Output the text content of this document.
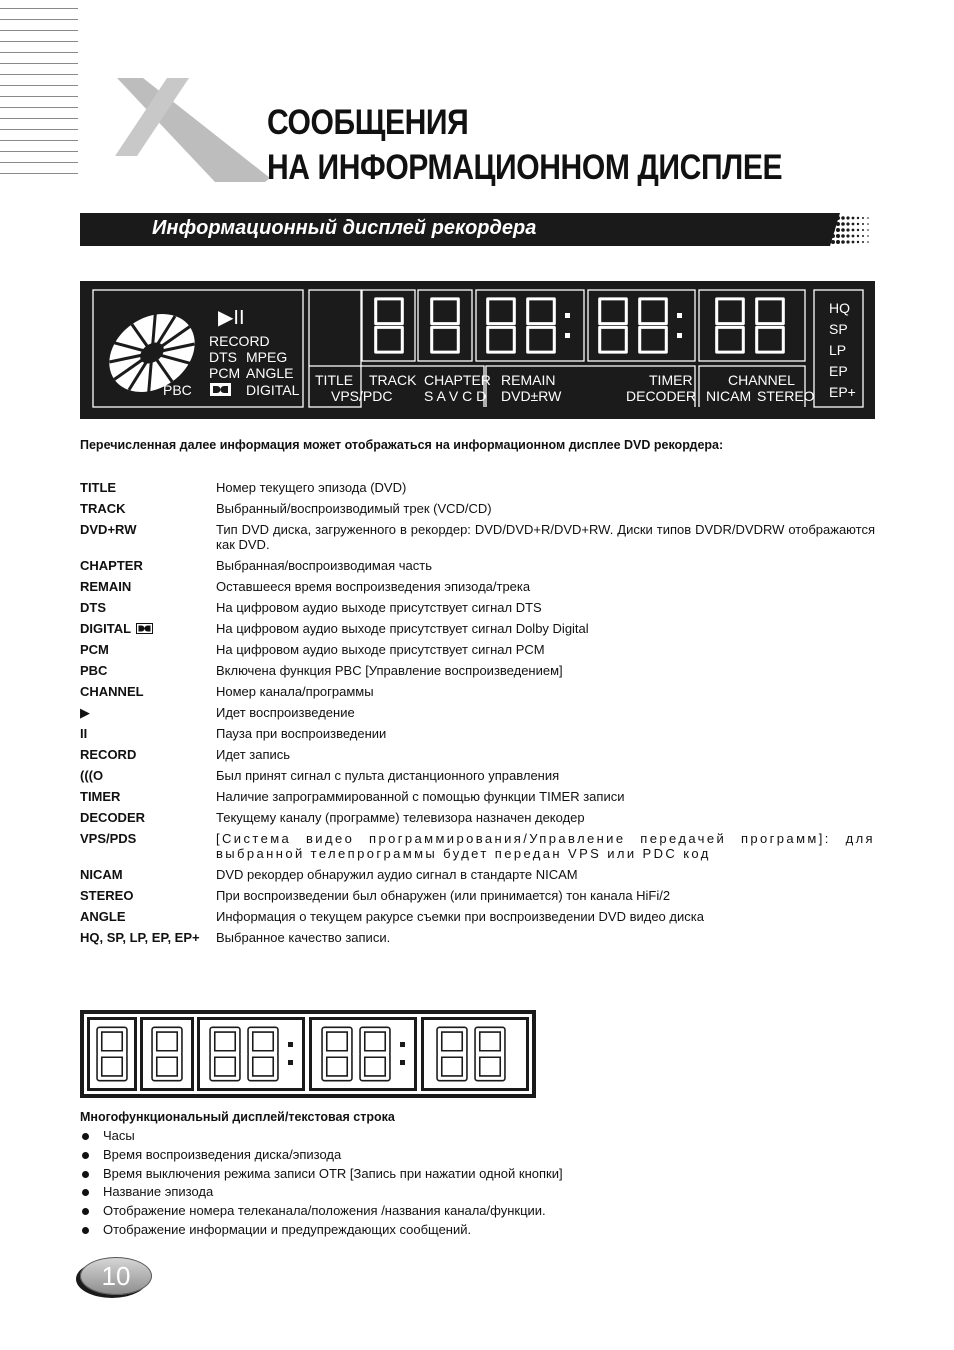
СООБЩЕНИЯ
НА ИНФОРМАЦИОННОМ ДИСПЛЕЕ
Информационный дисплей рекордера
▶II
RECORD
DTS MPEG
PCM ANGLE
PBC	DIGITAL
TITLE TRACK CHAPTER
VPS/PDC S A V C D
REMAIN	TIMER
DVD±RW	DECODER
CHANNEL
NICAM STEREO
HQ
SP
LP
EP
EP+

Перечисленная далее информация может отображаться на информационном дисплее DVD рекордера:

TITLE	Номер текущего эпизода (DVD)
TRACK	Выбранный/воспроизводимый трек (VCD/CD)
DVD+RW	Тип DVD диска, загруженного в рекордер: DVD/DVD+R/DVD+RW. Диски типов DVDR/DVDRW отображаются как DVD.
CHAPTER	Выбранная/воспроизводимая часть
REMAIN	Оставшееся время воспроизведения эпизода/трека
DTS	На цифровом аудио выходе присутствует сигнал DTS
DIGITAL	На цифровом аудио выходе присутствует сигнал Dolby Digital
PCM	На цифровом аудио выходе присутствует сигнал PCM
PBC	Включена функция PBC [Управление воспроизведением]
CHANNEL	Номер канала/программы
▶	Идет воспроизведение
II	Пауза при воспроизведении
RECORD	Идет запись
(((O	Был принят сигнал с пульта дистанционного управления
TIMER	Наличие запрограммированной с помощью функции TIMER записи
DECODER	Текущему каналу (программе) телевизора назначен декодер
VPS/PDS	[Система видео программирования/Управление передачей программ]: для выбранной телепрограммы будет передан VPS или PDC код
NICAM	DVD рекордер обнаружил аудио сигнал в стандарте NICAM
STEREO	При воспроизведении был обнаружен (или принимается) тон канала HiFi/2
ANGLE	Информация о текущем ракурсе съемки при воспроизведении DVD видео диска
HQ, SP, LP, EP, EP+	Выбранное качество записи.

Многофункциональный дисплей/текстовая строка

Часы
Время воспроизведения диска/эпизода
Время выключения режима записи OTR [Запись при нажатии одной кнопки]
Название эпизода
Отображение номера телеканала/положения /названия канала/функции.
Отображение информации и предупреждающих сообщений.
10
